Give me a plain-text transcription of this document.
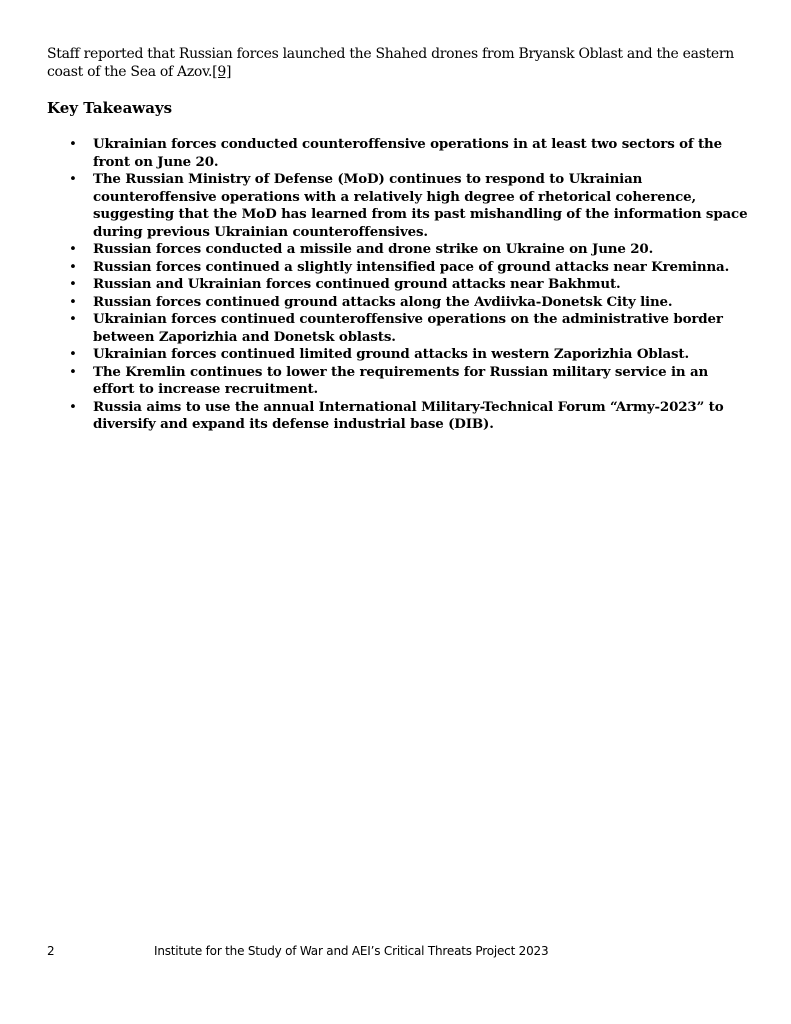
Staff reported that Russian forces launched the Shahed drones from Bryansk Oblast and the eastern coast of the Sea of Azov.[9]

Key Takeaways
• Ukrainian forces conducted counteroffensive operations in at least two sectors of the front on June 20.
• The Russian Ministry of Defense (MoD) continues to respond to Ukrainian counteroffensive operations with a relatively high degree of rhetorical coherence, suggesting that the MoD has learned from its past mishandling of the information space during previous Ukrainian counteroffensives.
• Russian forces conducted a missile and drone strike on Ukraine on June 20.
• Russian forces continued a slightly intensified pace of ground attacks near Kreminna.
• Russian and Ukrainian forces continued ground attacks near Bakhmut.
• Russian forces continued ground attacks along the Avdiivka-Donetsk City line.
• Ukrainian forces continued counteroffensive operations on the administrative border between Zaporizhia and Donetsk oblasts.
• Ukrainian forces continued limited ground attacks in western Zaporizhia Oblast.
• The Kremlin continues to lower the requirements for Russian military service in an effort to increase recruitment.
• Russia aims to use the annual International Military-Technical Forum “Army-2023” to diversify and expand its defense industrial base (DIB).
2	Institute for the Study of War and AEI’s Critical Threats Project 2023
